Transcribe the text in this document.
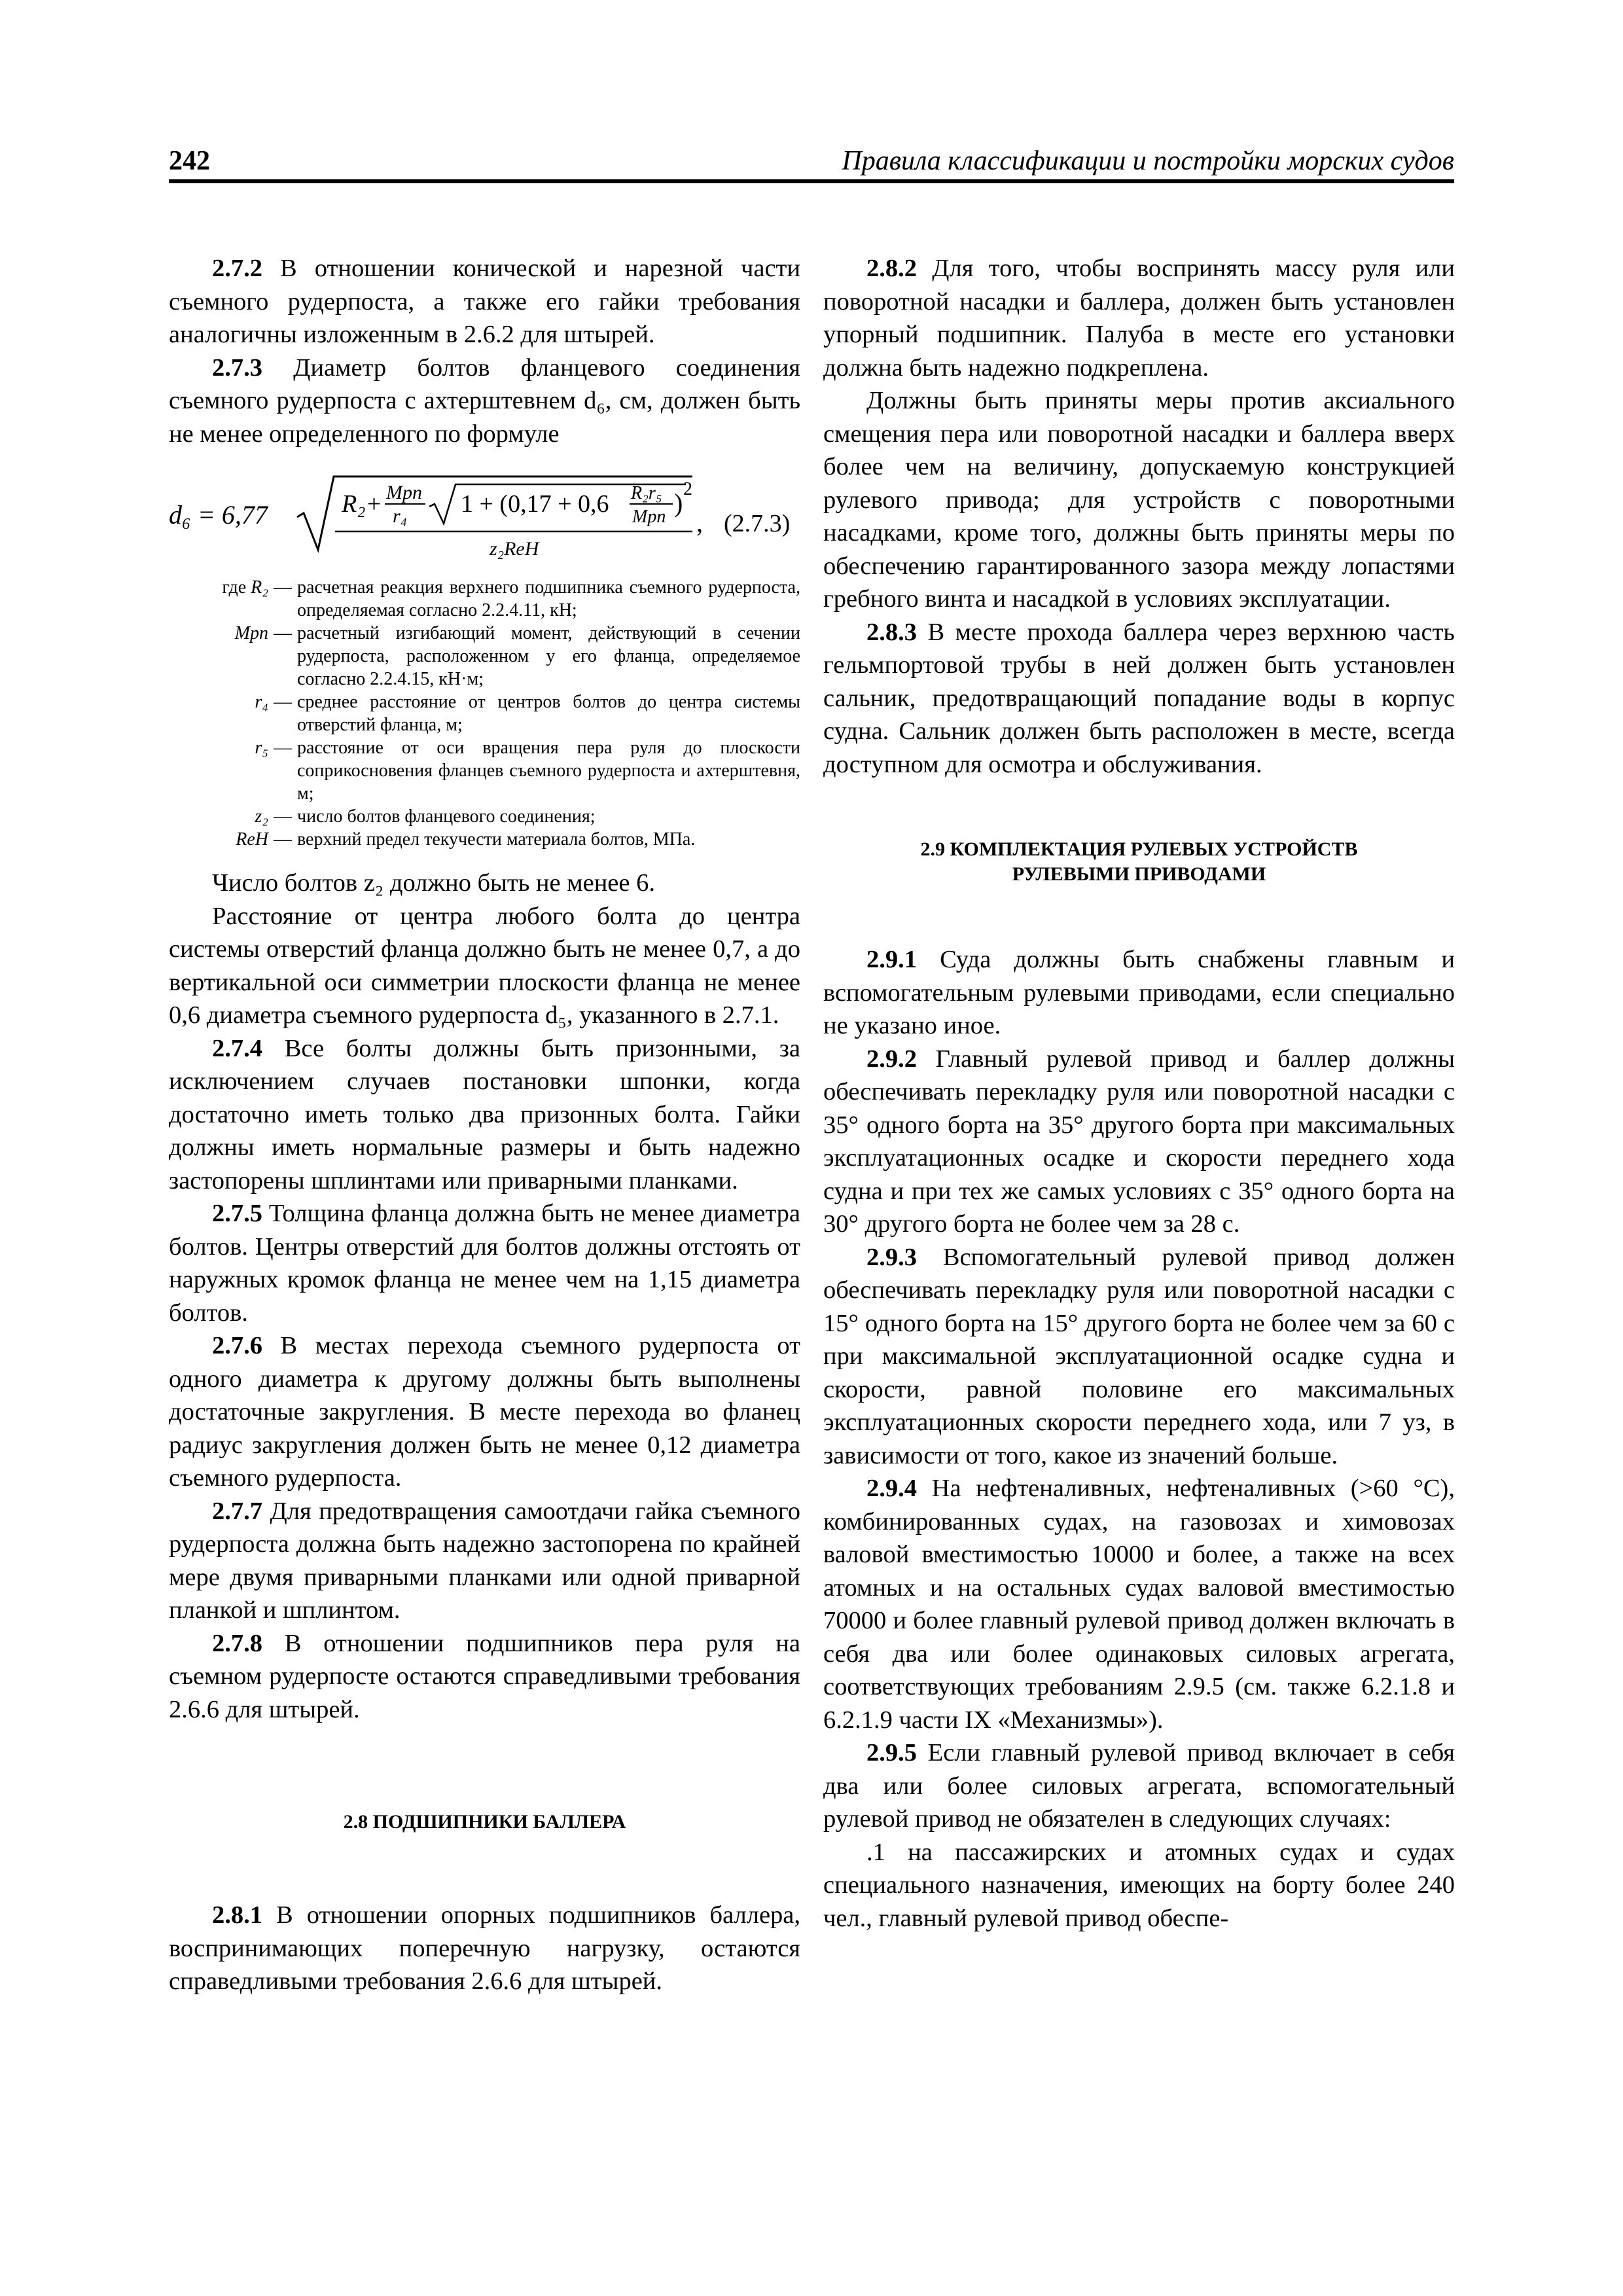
242	Правила классификации и постройки морских судов

2.7.2 В отношении конической и нарезной части съемного рудерпоста, а также его гайки требования аналогичны изложенным в 2.6.2 для штырей.

2.7.3 Диаметр болтов фланцевого соединения съемного рудерпоста с ахтерштевнем d₆, см, должен быть не менее определенного по формуле

d₆ = 6,77	R₂+ Mрп
r₄ 1 + (0,17 + 0,6 R₂r₅
Mрп ) 2
z₂ReH
, (2.7.3)
где R₂ — расчетная реакция верхнего подшипника съемного рудерпоста, определяемая согласно 2.2.4.11, кН;
Mрп — расчетный изгибающий момент, действующий в сечении рудерпоста, расположенном у его фланца, определяемое согласно 2.2.4.15, кН·м;
r₄ — среднее расстояние от центров болтов до центра системы отверстий фланца, м;
r₅ — расстояние от оси вращения пера руля до плоскости соприкосновения фланцев съемного рудерпоста и ахтерштевня, м;
z₂ — число болтов фланцевого соединения;
ReH — верхний предел текучести материала болтов, МПа.

Число болтов z₂ должно быть не менее 6.

Расстояние от центра любого болта до центра системы отверстий фланца должно быть не менее 0,7, а до вертикальной оси симметрии плоскости фланца не менее 0,6 диаметра съемного рудерпоста d₅, указанного в 2.7.1.

2.7.4 Все болты должны быть призонными, за исключением случаев постановки шпонки, когда достаточно иметь только два призонных болта. Гайки должны иметь нормальные размеры и быть надежно застопорены шплинтами или приварными планками.

2.7.5 Толщина фланца должна быть не менее диаметра болтов. Центры отверстий для болтов должны отстоять от наружных кромок фланца не менее чем на 1,15 диаметра болтов.

2.7.6 В местах перехода съемного рудерпоста от одного диаметра к другому должны быть выполнены достаточные закругления. В месте перехода во фланец радиус закругления должен быть не менее 0,12 диаметра съемного рудерпоста.

2.7.7 Для предотвращения самоотдачи гайка съемного рудерпоста должна быть надежно застопорена по крайней мере двумя приварными планками или одной приварной планкой и шплинтом.

2.7.8 В отношении подшипников пера руля на съемном рудерпосте остаются справедливыми требования 2.6.6 для штырей.

2.8 ПОДШИПНИКИ БАЛЛЕРА

2.8.1 В отношении опорных подшипников баллера, воспринимающих поперечную нагрузку, остаются справедливыми требования 2.6.6 для штырей.

2.8.2 Для того, чтобы воспринять массу руля или поворотной насадки и баллера, должен быть установлен упорный подшипник. Палуба в месте его установки должна быть надежно подкреплена.

Должны быть приняты меры против аксиального смещения пера или поворотной насадки и баллера вверх более чем на величину, допускаемую конструкцией рулевого привода; для устройств с поворотными насадками, кроме того, должны быть приняты меры по обеспечению гарантированного зазора между лопастями гребного винта и насадкой в условиях эксплуатации.

2.8.3 В месте прохода баллера через верхнюю часть гельмпортовой трубы в ней должен быть установлен сальник, предотвращающий попадание воды в корпус судна. Сальник должен быть расположен в месте, всегда доступном для осмотра и обслуживания.

2.9 КОМПЛЕКТАЦИЯ РУЛЕВЫХ УСТРОЙСТВ

РУЛЕВЫМИ ПРИВОДАМИ

2.9.1 Суда должны быть снабжены главным и вспомогательным рулевыми приводами, если специально не указано иное.

2.9.2 Главный рулевой привод и баллер должны обеспечивать перекладку руля или поворотной насадки с 35° одного борта на 35° другого борта при максимальных эксплуатационных осадке и скорости переднего хода судна и при тех же самых условиях с 35° одного борта на 30° другого борта не более чем за 28 с.

2.9.3 Вспомогательный рулевой привод должен обеспечивать перекладку руля или поворотной насадки с 15° одного борта на 15° другого борта не более чем за 60 с при максимальной эксплуатационной осадке судна и скорости, равной половине его максимальных эксплуатационных скорости переднего хода, или 7 уз, в зависимости от того, какое из значений больше.

2.9.4 На нефтеналивных, нефтеналивных (>60 °C), комбинированных судах, на газовозах и химовозах валовой вместимостью 10000 и более, а также на всех атомных и на остальных судах валовой вместимостью 70000 и более главный рулевой привод должен включать в себя два или более одинаковых силовых агрегата, соответствующих требованиям 2.9.5 (см. также 6.2.1.8 и 6.2.1.9 части IX «Механизмы»).

2.9.5 Если главный рулевой привод включает в себя два или более силовых агрегата, вспомогательный рулевой привод не обязателен в следующих случаях:

.1 на пассажирских и атомных судах и судах специального назначения, имеющих на борту более 240 чел., главный рулевой привод обеспе-
